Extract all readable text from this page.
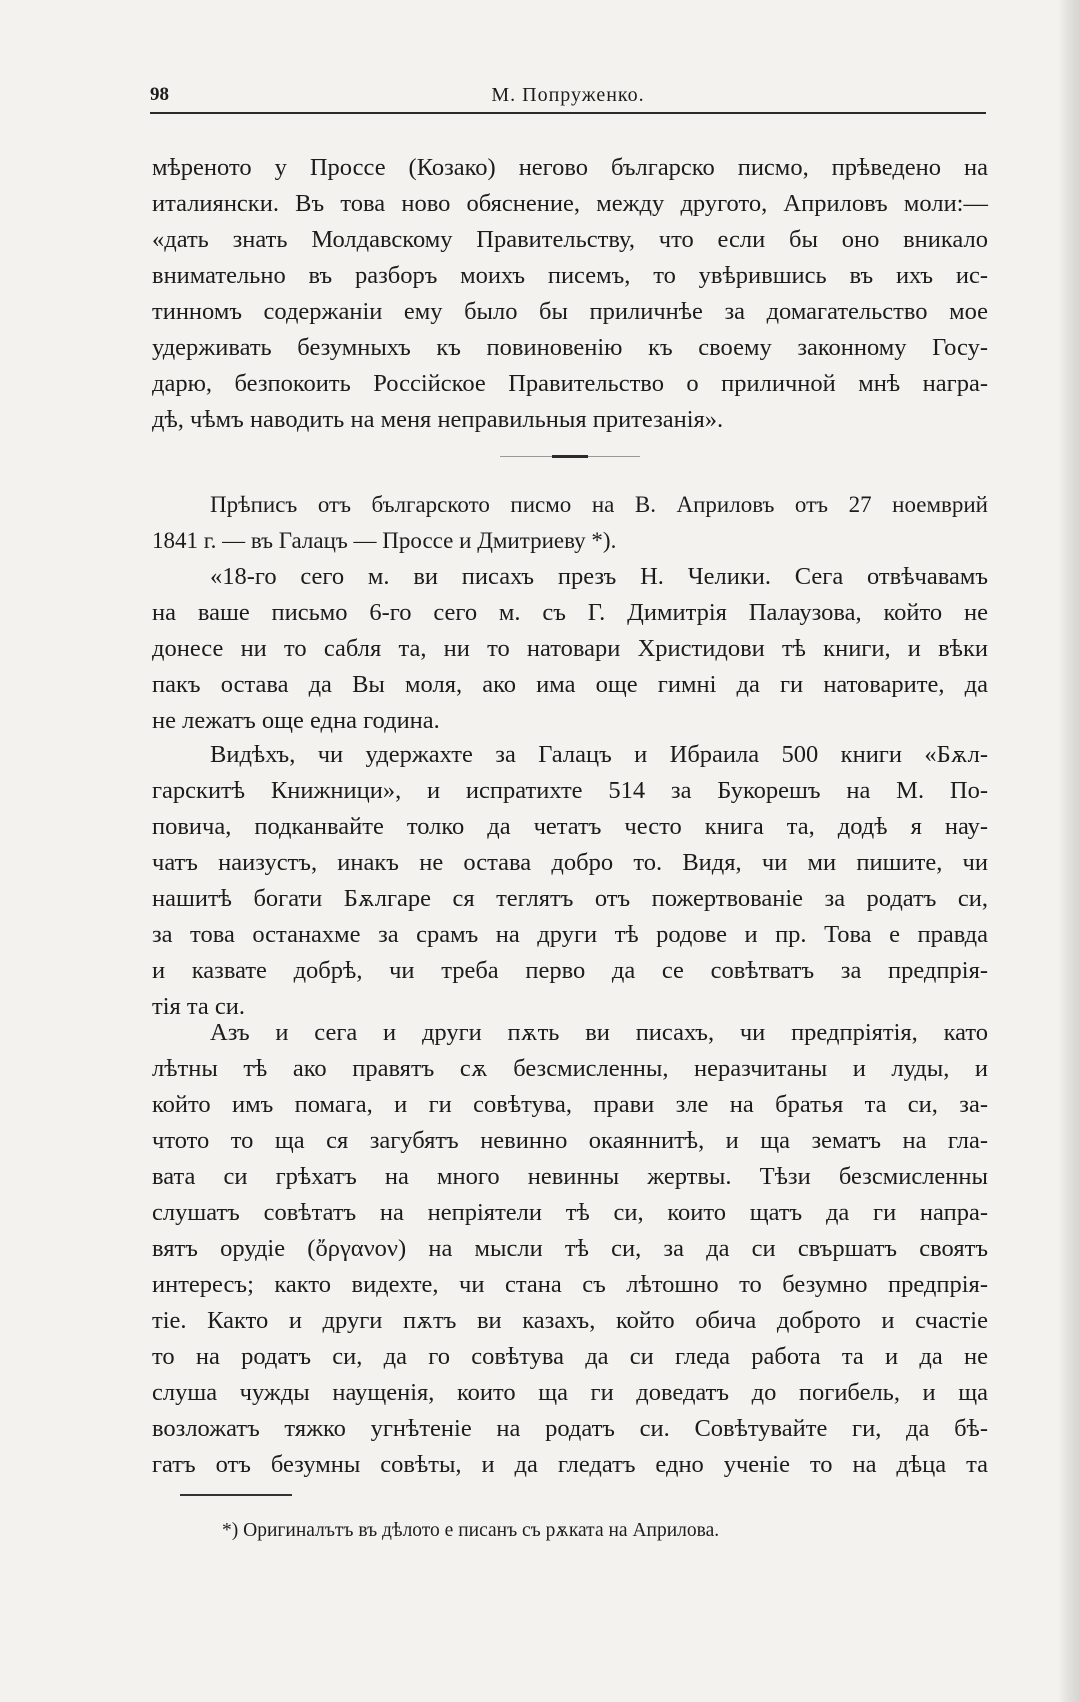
98	М. Попруженко.
мѣреното у Проссе (Козако) негово българско писмо, прѣведено на
италиянски. Въ това ново обяснение, между другото, Априловъ моли:—
«дать знать Молдавскому Правительству, что если бы оно вникало
внимательно въ разборъ моихъ писемъ, то увѣрившись въ ихъ ис-
тинномъ содержаніи ему было бы приличнѣе за домагательство мое
удерживать безумныхъ къ повиновенію къ своему законному Госу-
дарю, безпокоить Россійское Правительство о приличной мнѣ награ-
дѣ, чѣмъ наводить на меня неправильныя притезанія».
Прѣписъ отъ българското писмо на В. Априловъ отъ 27 ноемврий
1841 г. — въ Галацъ — Проссе и Дмитриеву *).
«18-го сего м. ви писахъ презъ Н. Челики. Сега отвѣчавамъ
на ваше письмо 6-го сего м. съ Г. Димитрія Палаузова, който не
донесе ни то сабля та, ни то натовари Христидови тѣ книги, и вѣки
пакъ остава да Вы моля, ако има още гимні да ги натоварите, да
не лежатъ още една година.
Видѣхъ, чи удержахте за Галацъ и Ибраила 500 книги «Бѫл-
гарскитѣ Книжници», и испратихте 514 за Букорешъ на М. По-
повича, подканвайте толко да четатъ често книга та, додѣ я нау-
чатъ наизустъ, инакъ не остава добро то. Видя, чи ми пишите, чи
нашитѣ богати Бѫлгаре ся теглятъ отъ пожертвованіе за родатъ си,
за това останахме за срамъ на други тѣ родове и пр. Това е правда
и казвате добрѣ, чи треба перво да се совѣтватъ за предпрія-
тія та си.
Азъ и сега и други пѫть ви писахъ, чи предпріятія, като
лѣтны тѣ ако правятъ сѫ безсмисленны, неразчитаны и луды, и
който имъ помага, и ги совѣтува, прави зле на братья та си, за-
чтото то ща ся загубятъ невинно окаяннитѣ, и ща зематъ на гла-
вата си грѣхатъ на много невинны жертвы. Тѣзи безсмисленны
слушатъ совѣтатъ на непріятели тѣ си, които щатъ да ги напра-
вятъ орудіе (ὄργανον) на мысли тѣ си, за да си свършатъ своятъ
интересъ; както видехте, чи стана съ лѣтошно то безумно предпрія-
тіе. Както и други пѫтъ ви казахъ, който обича доброто и счастіе
то на родатъ си, да го совѣтува да си гледа работа та и да не
слуша чужды наущенія, които ща ги доведатъ до погибель, и ща
возложатъ тяжко угнѣтеніе на родатъ си. Совѣтувайте ги, да бѣ-
гатъ отъ безумны совѣты, и да гледатъ едно ученіе то на дѣца та
*) Оригиналътъ въ дѣлото е писанъ съ рѫката на Априлова.
